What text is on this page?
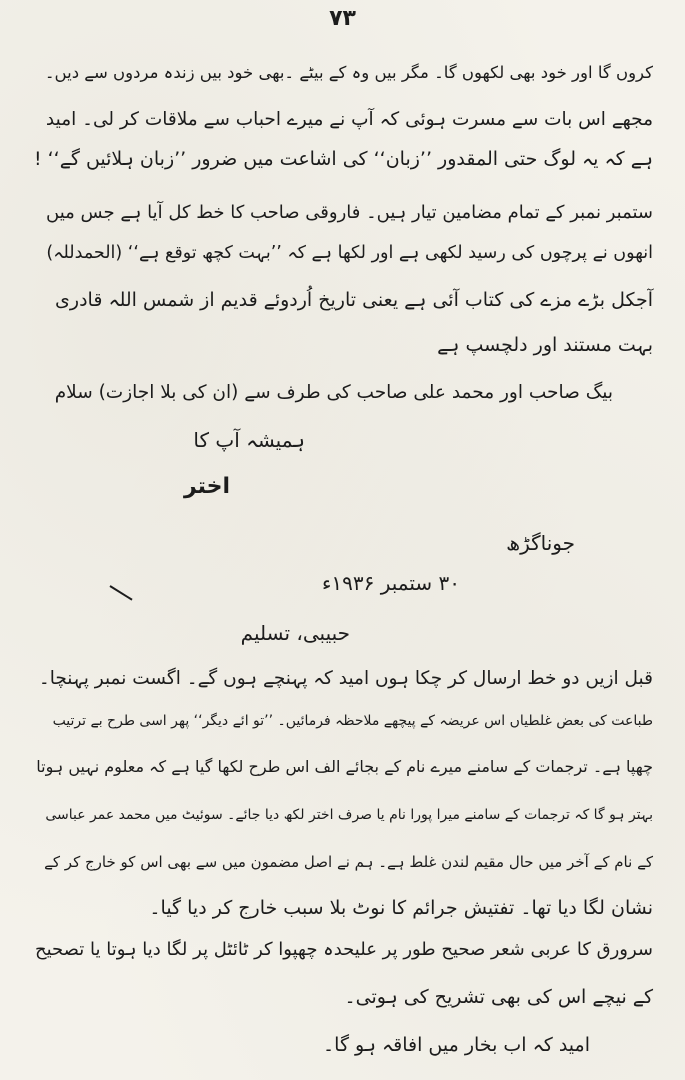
۷۳
کروں گا اور خود بھی لکھوں گا۔ مگر بیں وہ کے بیٹے ۔بھی خود بیں زندہ مردوں سے دیں۔
مجھے اس بات سے مسرت ہوئی کہ آپ نے میرے احباب سے ملاقات کر لی۔ امید
ہے کہ یہ لوگ حتی المقدور ’’زبان‘‘ کی اشاعت میں ضرور ’’زبان ہلائیں گے‘‘ !
ستمبر نمبر کے تمام مضامین تیار ہیں۔ فاروقی صاحب کا خط کل آیا ہے جس میں
انھوں نے پرچوں کی رسید لکھی ہے اور لکھا ہے کہ ’’بہت کچھ توقع ہے‘‘ (الحمدللہ)
آجکل بڑے مزے کی کتاب آئی ہے یعنی تاریخ اُردوئے قدیم از شمس اللہ قادری
بہت مستند اور دلچسپ ہے
بیگ صاحب اور محمد علی صاحب کی طرف سے (ان کی بلا اجازت) سلام
ہمیشہ آپ کا
اختر
جوناگڑھ
۳۰ ستمبر ۱۹۳۶ء
حبیبی، تسلیم
قبل ازیں دو خط ارسال کر چکا ہوں امید کہ پہنچے ہوں گے۔ اگست نمبر پہنچا۔
طباعت کی بعض غلطیاں اس عریضہ کے پیچھے ملاحظہ فرمائیں۔ ’’تو ائے دیگر‘‘ پھر اسی طرح بے ترتیب
چھپا ہے۔ ترجمات کے سامنے میرے نام کے بجائے الف اس طرح لکھا گیا ہے کہ معلوم نہیں ہوتا
بہتر ہو گا کہ ترجمات کے سامنے میرا پورا نام یا صرف اختر لکھ دیا جائے۔ سوئیٹ میں محمد عمر عباسی
کے نام کے آخر میں حال مقیم لندن غلط ہے۔ ہم نے اصل مضمون میں سے بھی اس کو خارج کر کے
نشان لگا دیا تھا۔ تفتیش جرائم کا نوٹ بلا سبب خارج کر دیا گیا۔
سرورق کا عربی شعر صحیح طور پر علیحدہ چھپوا کر ٹائٹل پر لگا دیا ہوتا یا تصحیح
کے نیچے اس کی بھی تشریح کی ہوتی۔
امید کہ اب بخار میں افاقہ ہو گا۔
